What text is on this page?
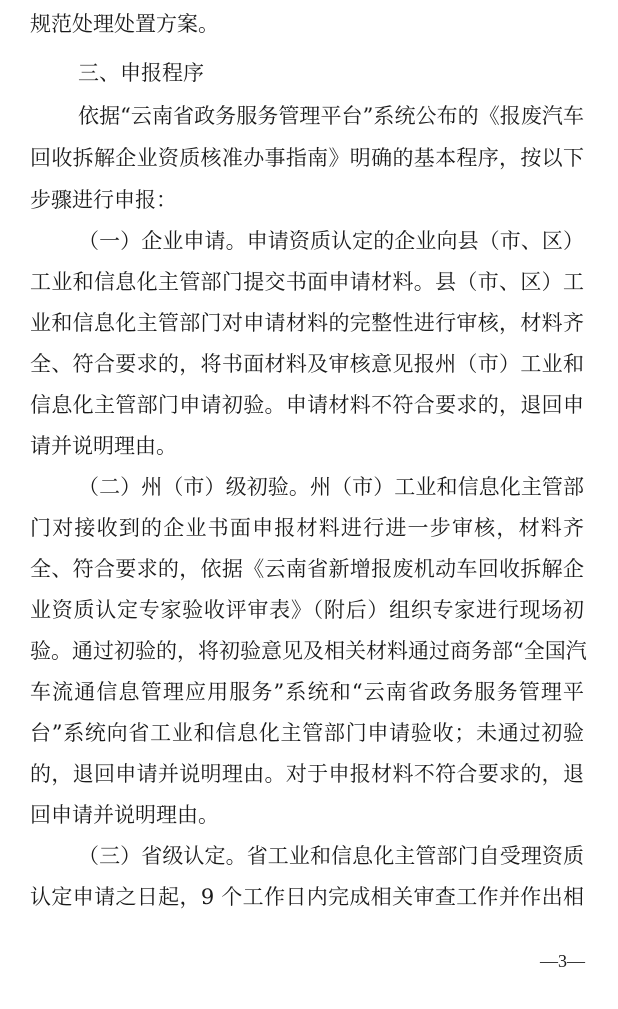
规范处理处置方案。
三、申报程序
依据“云南省政务服务管理平台”系统公布的《报废汽车
回收拆解企业资质核准办事指南》明确的基本程序，按以下
步骤进行申报：
（一）企业申请。申请资质认定的企业向县（市、区）
工业和信息化主管部门提交书面申请材料。县（市、区）工
业和信息化主管部门对申请材料的完整性进行审核，材料齐
全、符合要求的，将书面材料及审核意见报州（市）工业和
信息化主管部门申请初验。申请材料不符合要求的，退回申
请并说明理由。
（二）州（市）级初验。州（市）工业和信息化主管部
门对接收到的企业书面申报材料进行进一步审核，材料齐
全、符合要求的，依据《云南省新增报废机动车回收拆解企
业资质认定专家验收评审表》（附后）组织专家进行现场初
验。通过初验的，将初验意见及相关材料通过商务部“全国汽
车流通信息管理应用服务”系统和“云南省政务服务管理平
台”系统向省工业和信息化主管部门申请验收；未通过初验
的，退回申请并说明理由。对于申报材料不符合要求的，退
回申请并说明理由。
（三）省级认定。省工业和信息化主管部门自受理资质
认定申请之日起，9 个工作日内完成相关审查工作并作出相
—3—
